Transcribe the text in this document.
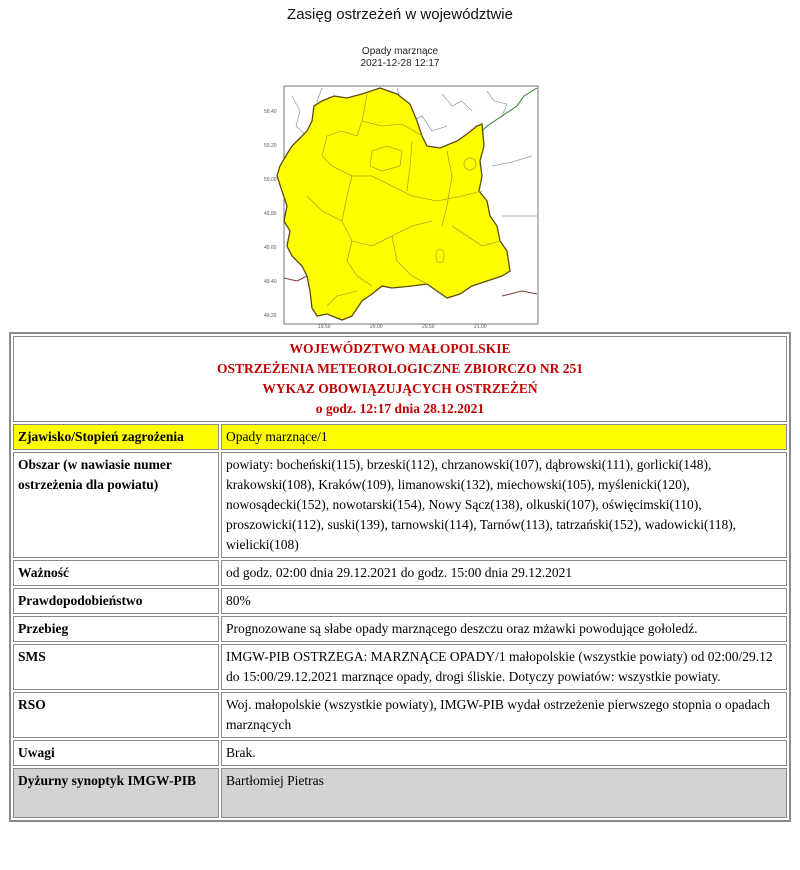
Zasięg ostrzeżeń w województwie
Opady marznące
2021-12-28 12:17
50.40
50.20
50.00
49.80
49.60
49.40
49.20
19.50	20.00	20.50	21.00
WOJEWÓDZTWO MAŁOPOLSKIE
OSTRZEŻENIA METEOROLOGICZNE ZBIORCZO NR 251
WYKAZ OBOWIĄZUJĄCYCH OSTRZEŻEŃ
o godz. 12:17 dnia 28.12.2021	

Zjawisko/Stopień zagrożenia	Opady marznące/1
Obszar (w nawiasie numer ostrzeżenia dla powiatu)	powiaty: bocheński(115), brzeski(112), chrzanowski(107), dąbrowski(111), gorlicki(148), krakowski(108), Kraków(109), limanowski(132), miechowski(105), myślenicki(120), nowosądecki(152), nowotarski(154), Nowy Sącz(138), olkuski(107), oświęcimski(110), proszowicki(112), suski(139), tarnowski(114), Tarnów(113), tatrzański(152), wadowicki(118), wielicki(108)
Ważność	od godz. 02:00 dnia 29.12.2021 do godz. 15:00 dnia 29.12.2021
Prawdopodobieństwo	80%
Przebieg	Prognozowane są słabe opady marznącego deszczu oraz mżawki powodujące gołoledź.
SMS	IMGW-PIB OSTRZEGA: MARZNĄCE OPADY/1 małopolskie (wszystkie powiaty) od 02:00/29.12 do 15:00/29.12.2021 marznące opady, drogi śliskie. Dotyczy powiatów: wszystkie powiaty.
RSO	Woj. małopolskie (wszystkie powiaty), IMGW-PIB wydał ostrzeżenie pierwszego stopnia o opadach marznących
Uwagi	Brak.
Dyżurny synoptyk IMGW-PIB	Bartłomiej Pietras
